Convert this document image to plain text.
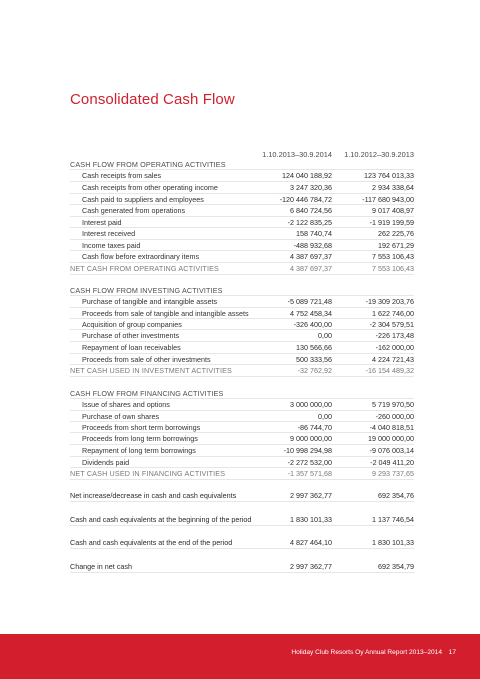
Consolidated Cash Flow
1.10.2013–30.9.2014	1.10.2012–30.9.2013
CASH FLOW FROM OPERATING ACTIVITIES
Cash receipts from sales	124 040 188,92	123 764 013,33
Cash receipts from other operating income	3 247 320,36	2 934 338,64
Cash paid to suppliers and employees	-120 446 784,72	-117 680 943,00
Cash generated from operations	6 840 724,56	9 017 408,97
Interest paid	-2 122 835,25	-1 919 199,59
Interest received	158 740,74	262 225,76
Income taxes paid	-488 932,68	192 671,29
Cash flow before extraordinary items	4 387 697,37	7 553 106,43
NET CASH FROM OPERATING ACTIVITIES	4 387 697,37	7 553 106,43
CASH FLOW FROM INVESTING ACTIVITIES
Purchase of tangible and intangible assets	-5 089 721,48	-19 309 203,76
Proceeds from sale of tangible and intangible assets	4 752 458,34	1 622 746,00
Acquisition of group companies	-326 400,00	-2 304 579,51
Purchase of other investments	0,00	-226 173,48
Repayment of loan receivables	130 566,66	-162 000,00
Proceeds from sale of other investments	500 333,56	4 224 721,43
NET CASH USED IN INVESTMENT ACTIVITIES	-32 762,92	-16 154 489,32
CASH FLOW FROM FINANCING ACTIVITIES
Issue of shares and options	3 000 000,00	5 719 970,50
Purchase of own shares	0,00	-260 000,00
Proceeds from short term borrowings	-86 744,70	-4 040 818,51
Proceeds from long term borrowings	9 000 000,00	19 000 000,00
Repayment of long term borrowings	-10 998 294,98	-9 076 003,14
Dividends paid	-2 272 532,00	-2 049 411,20
NET CASH USED IN FINANCING ACTIVITIES	-1 357 571,68	9 293 737,65
Net increase/decrease in cash and cash equivalents	2 997 362,77	692 354,76
Cash and cash equivalents at the beginning of the period	1 830 101,33	1 137 746,54
Cash and cash equivalents at the end of the period	4 827 464,10	1 830 101,33
Change in net cash	2 997 362,77	692 354,79
Holiday Club Resorts Oy Annual Report 2013–2014 17
